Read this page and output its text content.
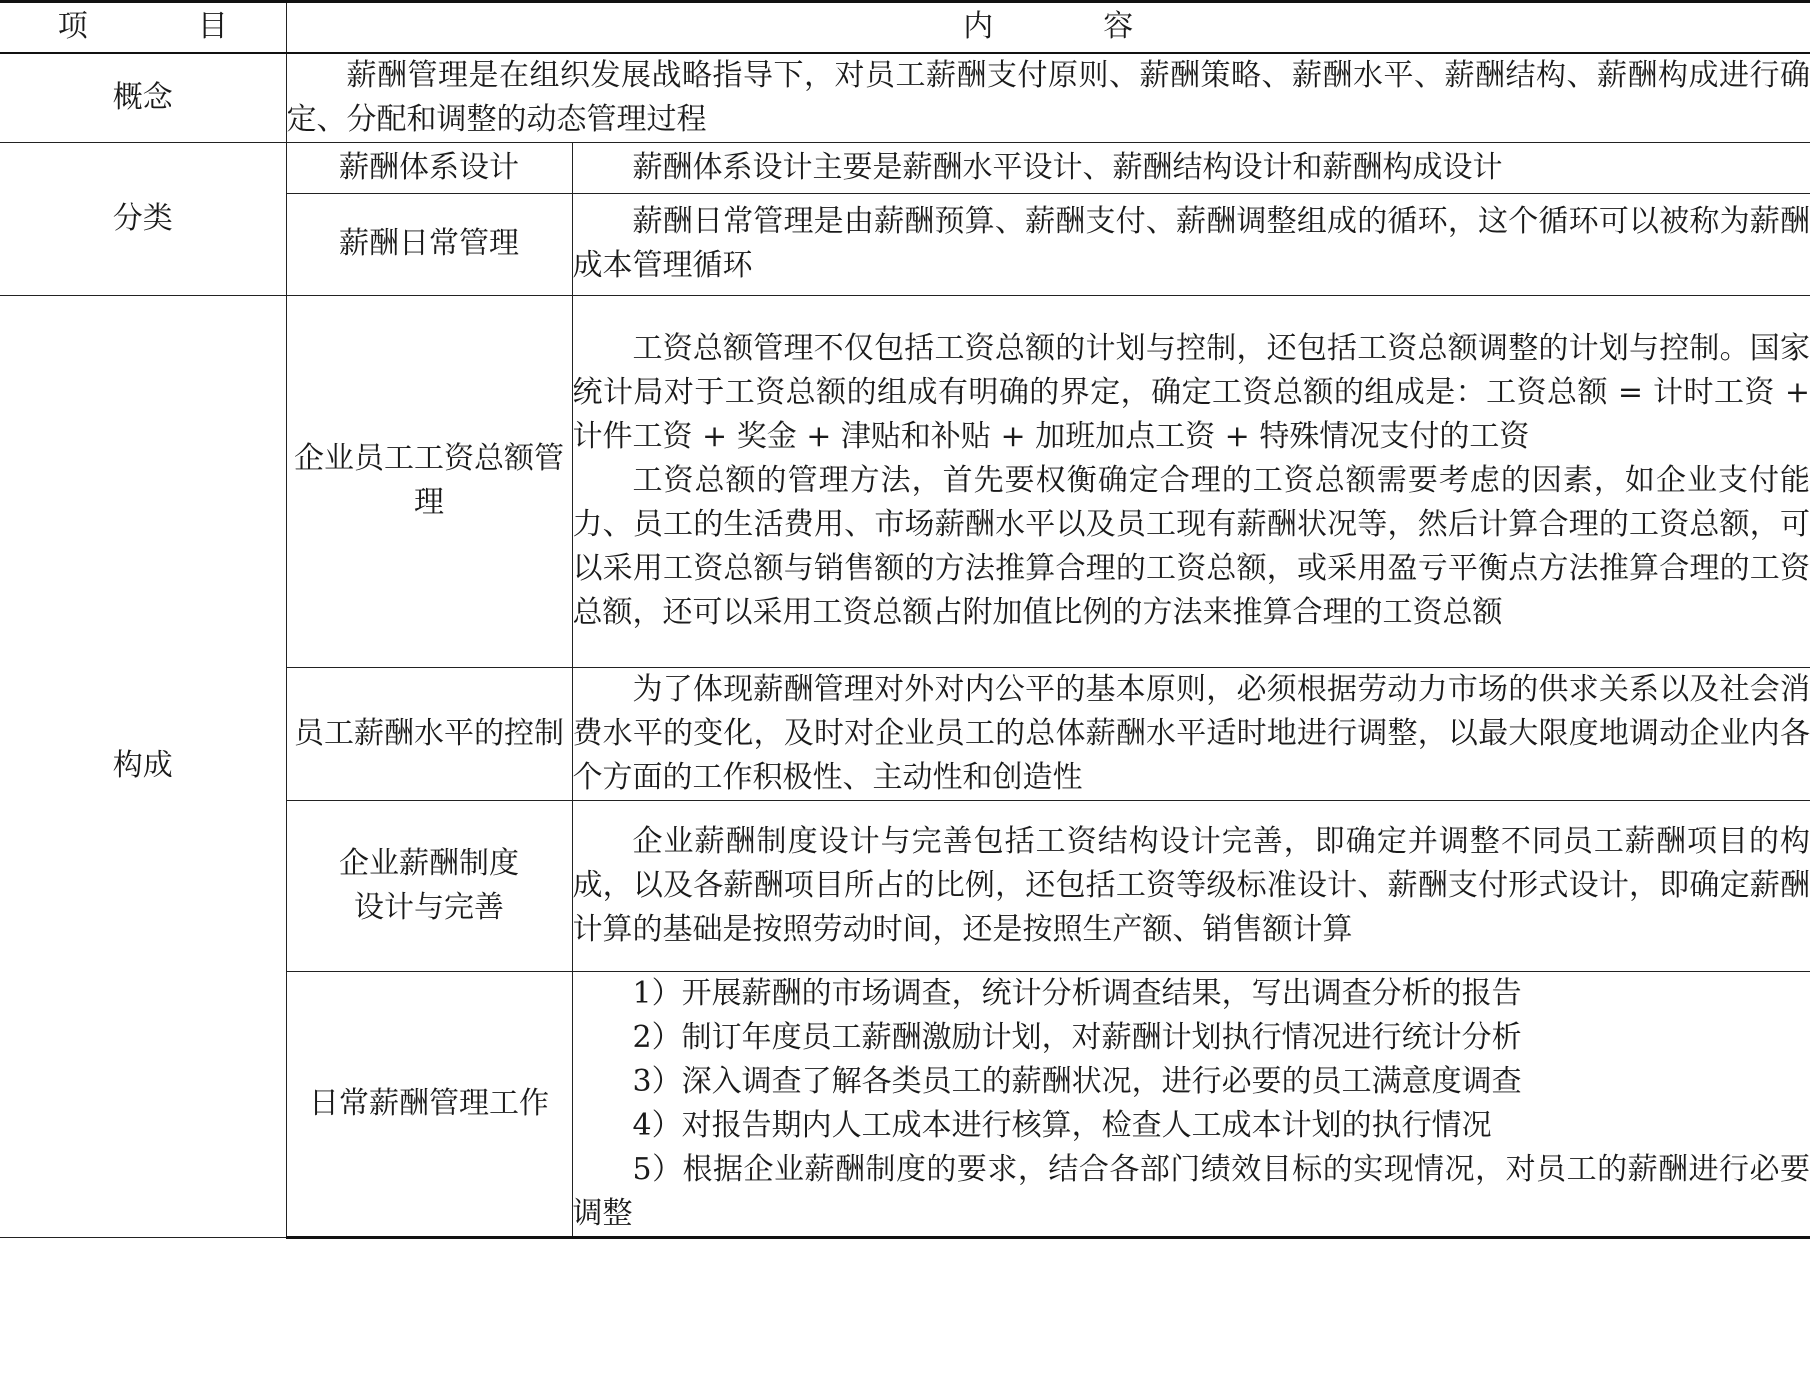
项　目	内　容	
概念	薪酬管理是在组织发展战略指导下，对员工薪酬支付原则、薪酬策略、薪酬水平、薪酬结构、薪酬构成进行确定、分配和调整的动态管理过程	

分类	薪酬体系设计	薪酬体系设计主要是薪酬水平设计、薪酬结构设计和薪酬构成设计

	薪酬日常管理	薪酬日常管理是由薪酬预算、薪酬支付、薪酬调整组成的循环，这个循环可以被称为薪酬成本管理循环

构成	企业员工工资总额管理	工资总额管理不仅包括工资总额的计划与控制，还包括工资总额调整的计划与控制。国家统计局对于工资总额的组成有明确的界定，确定工资总额的组成是：工资总额 = 计时工资 + 计件工资 + 奖金 + 津贴和补贴 + 加班加点工资 + 特殊情况支付的工资

工资总额的管理方法，首先要权衡确定合理的工资总额需要考虑的因素，如企业支付能力、员工的生活费用、市场薪酬水平以及员工现有薪酬状况等，然后计算合理的工资总额，可以采用工资总额与销售额的方法推算合理的工资总额，或采用盈亏平衡点方法推算合理的工资总额，还可以采用工资总额占附加值比例的方法来推算合理的工资总额

	员工薪酬水平的控制	为了体现薪酬管理对外对内公平的基本原则，必须根据劳动力市场的供求关系以及社会消费水平的变化，及时对企业员工的总体薪酬水平适时地进行调整，以最大限度地调动企业内各个方面的工作积极性、主动性和创造性

	企业薪酬制度
设计与完善	企业薪酬制度设计与完善包括工资结构设计完善，即确定并调整不同员工薪酬项目的构成，以及各薪酬项目所占的比例，还包括工资等级标准设计、薪酬支付形式设计，即确定薪酬计算的基础是按照劳动时间，还是按照生产额、销售额计算

	日常薪酬管理工作	1）开展薪酬的市场调查，统计分析调查结果，写出调查分析的报告

2）制订年度员工薪酬激励计划，对薪酬计划执行情况进行统计分析

3）深入调查了解各类员工的薪酬状况，进行必要的员工满意度调查

4）对报告期内人工成本进行核算，检查人工成本计划的执行情况

5）根据企业薪酬制度的要求，结合各部门绩效目标的实现情况，对员工的薪酬进行必要调整
